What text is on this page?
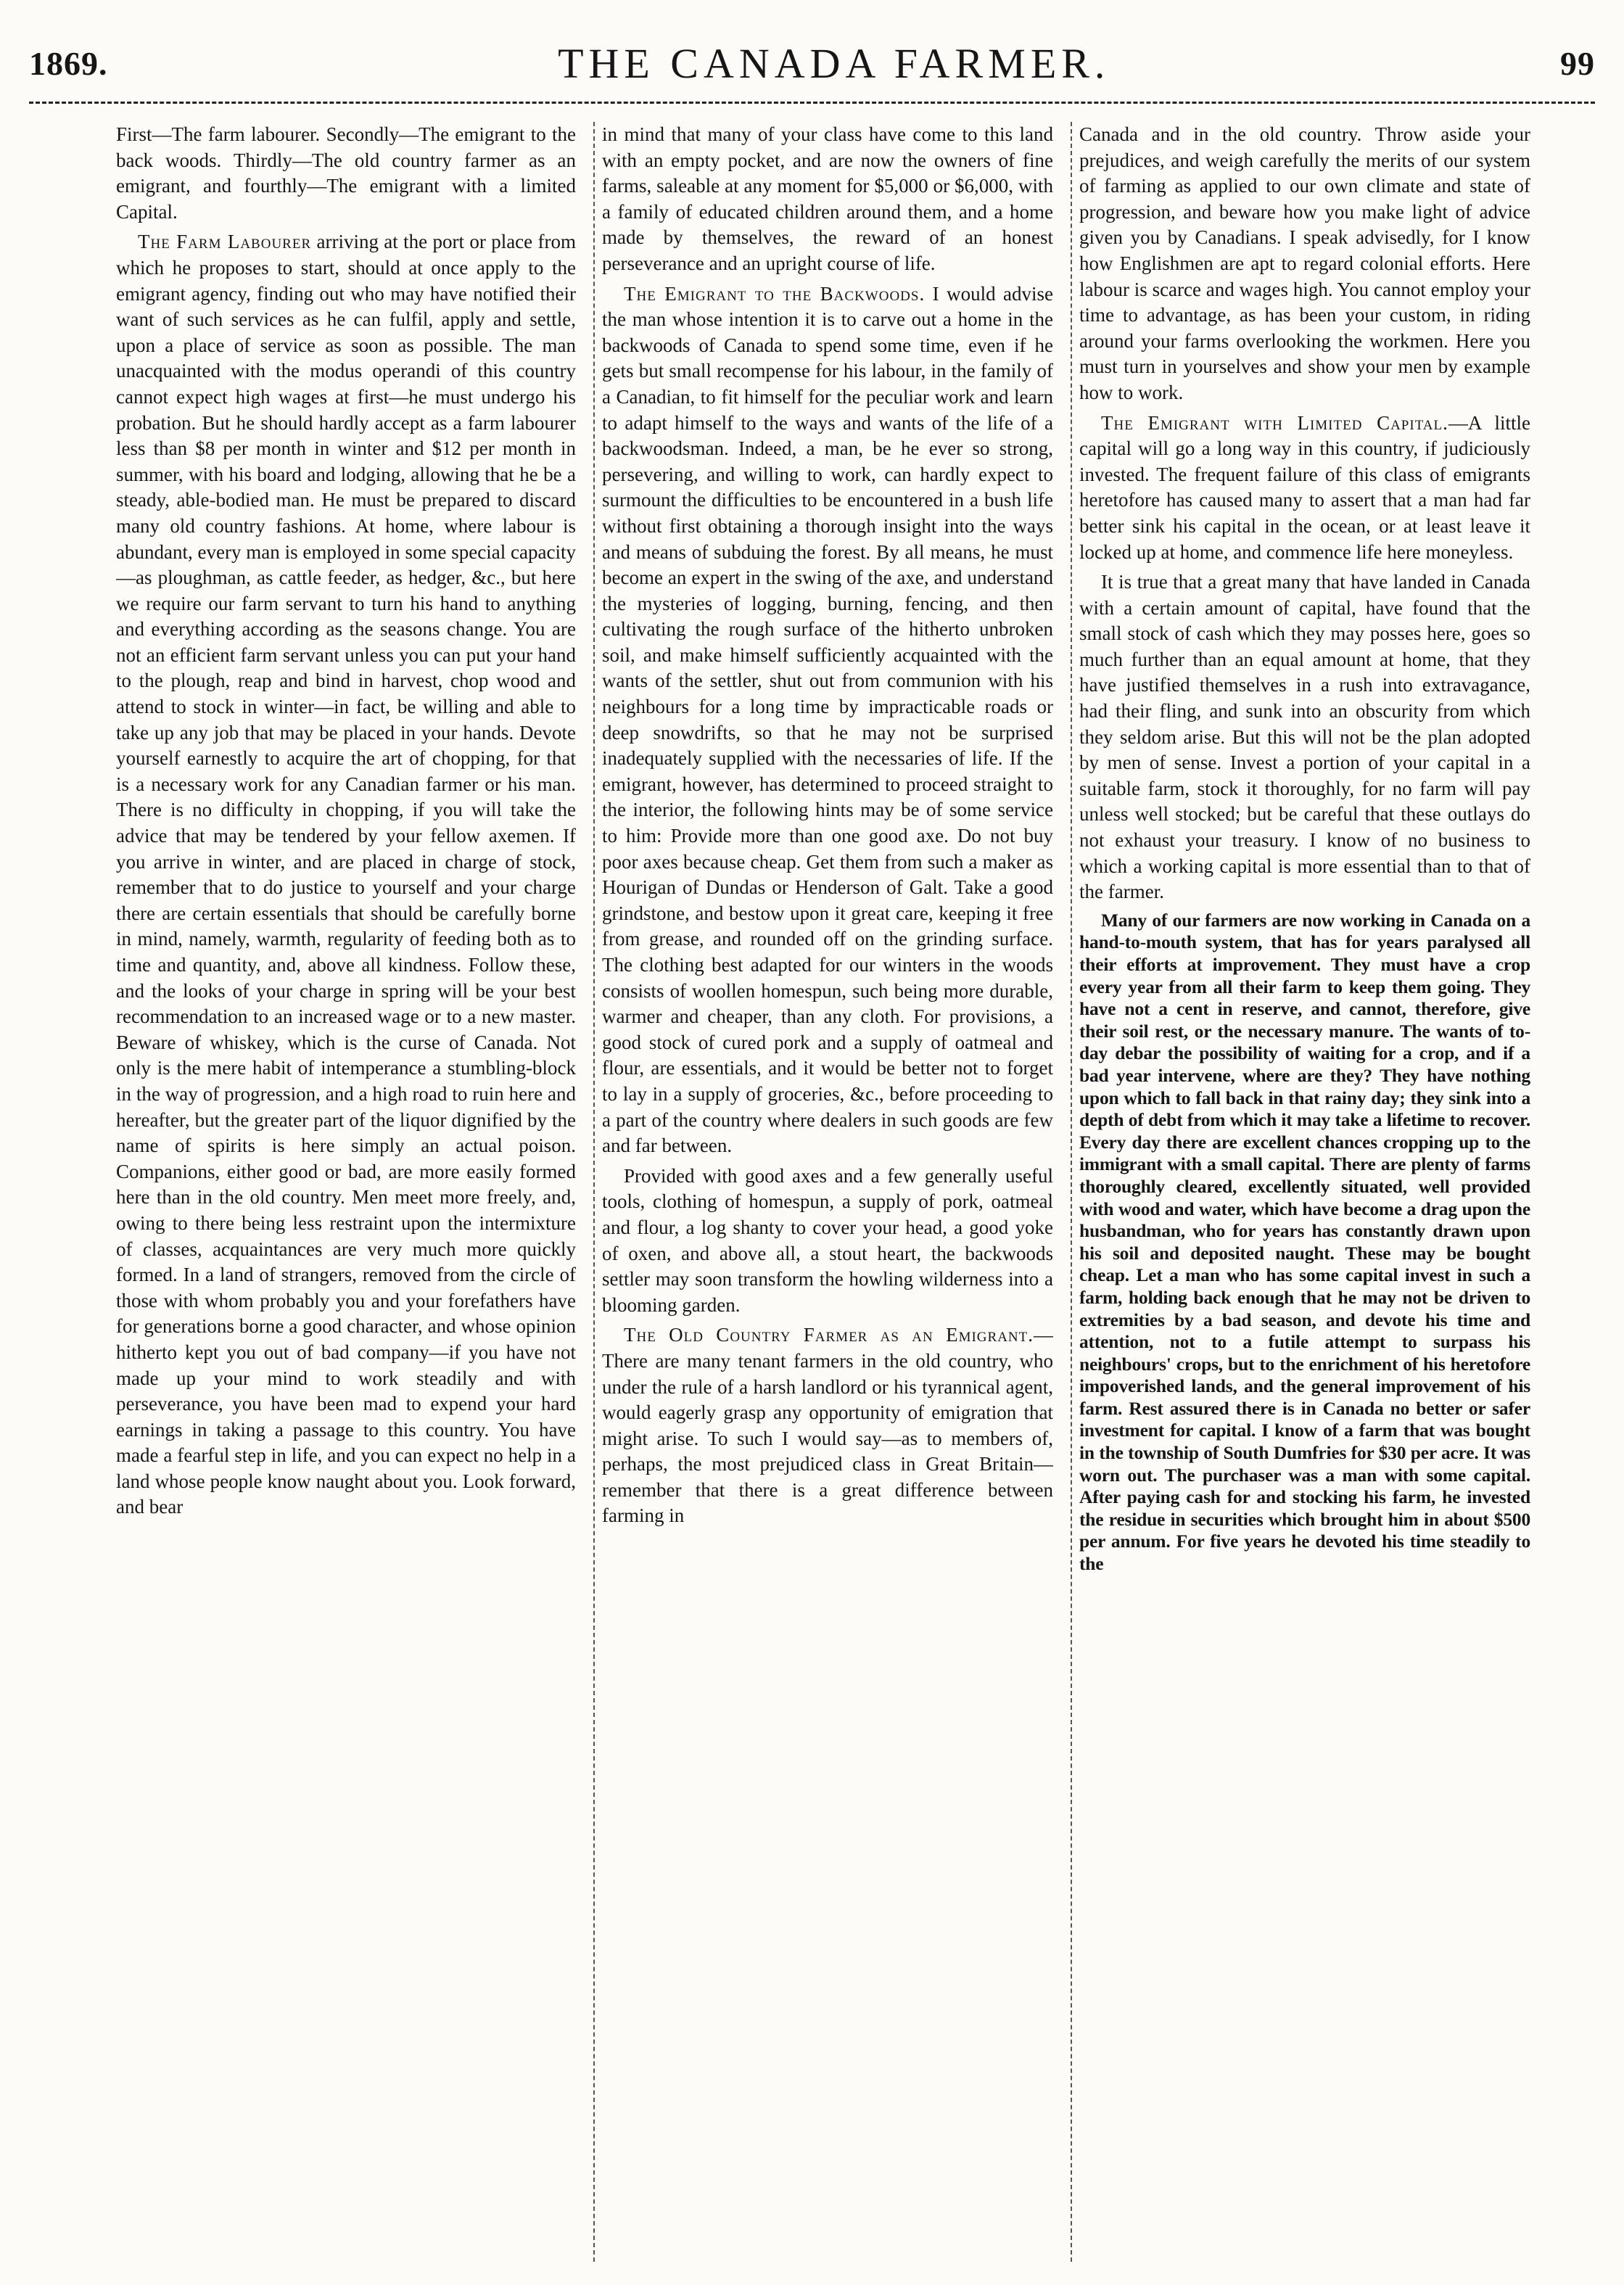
1869.	THE CANADA FARMER.	99

First—The farm labourer. Secondly—The emigrant to the back woods. Thirdly—The old country farmer as an emigrant, and fourthly—The emigrant with a limited Capital.

The Farm Labourer arriving at the port or place from which he proposes to start, should at once apply to the emigrant agency, finding out who may have notified their want of such services as he can fulfil, apply and settle, upon a place of service as soon as possible. The man unacquainted with the modus operandi of this country cannot expect high wages at first—he must undergo his probation. But he should hardly accept as a farm labourer less than $8 per month in winter and $12 per month in summer, with his board and lodging, allowing that he be a steady, able-bodied man. He must be prepared to discard many old country fashions. At home, where labour is abundant, every man is employed in some special capacity—as ploughman, as cattle feeder, as hedger, &c., but here we require our farm servant to turn his hand to anything and everything according as the seasons change. You are not an efficient farm servant unless you can put your hand to the plough, reap and bind in harvest, chop wood and attend to stock in winter—in fact, be willing and able to take up any job that may be placed in your hands. Devote yourself earnestly to acquire the art of chopping, for that is a necessary work for any Canadian farmer or his man. There is no difficulty in chopping, if you will take the advice that may be tendered by your fellow axemen. If you arrive in winter, and are placed in charge of stock, remember that to do justice to yourself and your charge there are certain essentials that should be carefully borne in mind, namely, warmth, regularity of feeding both as to time and quantity, and, above all kindness. Follow these, and the looks of your charge in spring will be your best recommendation to an increased wage or to a new master. Beware of whiskey, which is the curse of Canada. Not only is the mere habit of intemperance a stumbling-block in the way of progression, and a high road to ruin here and hereafter, but the greater part of the liquor dignified by the name of spirits is here simply an actual poison. Companions, either good or bad, are more easily formed here than in the old country. Men meet more freely, and, owing to there being less restraint upon the intermixture of classes, acquaintances are very much more quickly formed. In a land of strangers, removed from the circle of those with whom probably you and your forefathers have for generations borne a good character, and whose opinion hitherto kept you out of bad company—if you have not made up your mind to work steadily and with perseverance, you have been mad to expend your hard earnings in taking a passage to this country. You have made a fearful step in life, and you can expect no help in a land whose people know naught about you. Look forward, and bear

in mind that many of your class have come to this land with an empty pocket, and are now the owners of fine farms, saleable at any moment for $5,000 or $6,000, with a family of educated children around them, and a home made by themselves, the reward of an honest perseverance and an upright course of life.

The Emigrant to the Backwoods. I would advise the man whose intention it is to carve out a home in the backwoods of Canada to spend some time, even if he gets but small recompense for his labour, in the family of a Canadian, to fit himself for the peculiar work and learn to adapt himself to the ways and wants of the life of a backwoodsman. Indeed, a man, be he ever so strong, persevering, and willing to work, can hardly expect to surmount the difficulties to be encountered in a bush life without first obtaining a thorough insight into the ways and means of subduing the forest. By all means, he must become an expert in the swing of the axe, and understand the mysteries of logging, burning, fencing, and then cultivating the rough surface of the hitherto unbroken soil, and make himself sufficiently acquainted with the wants of the settler, shut out from communion with his neighbours for a long time by impracticable roads or deep snowdrifts, so that he may not be surprised inadequately supplied with the necessaries of life. If the emigrant, however, has determined to proceed straight to the interior, the following hints may be of some service to him: Provide more than one good axe. Do not buy poor axes because cheap. Get them from such a maker as Hourigan of Dundas or Henderson of Galt. Take a good grindstone, and bestow upon it great care, keeping it free from grease, and rounded off on the grinding surface. The clothing best adapted for our winters in the woods consists of woollen homespun, such being more durable, warmer and cheaper, than any cloth. For provisions, a good stock of cured pork and a supply of oatmeal and flour, are essentials, and it would be better not to forget to lay in a supply of groceries, &c., before proceeding to a part of the country where dealers in such goods are few and far between.

Provided with good axes and a few generally useful tools, clothing of homespun, a supply of pork, oatmeal and flour, a log shanty to cover your head, a good yoke of oxen, and above all, a stout heart, the backwoods settler may soon transform the howling wilderness into a blooming garden.

The Old Country Farmer as an Emigrant.—There are many tenant farmers in the old country, who under the rule of a harsh landlord or his tyrannical agent, would eagerly grasp any opportunity of emigration that might arise. To such I would say—as to members of, perhaps, the most prejudiced class in Great Britain—remember that there is a great difference between farming in

Canada and in the old country. Throw aside your prejudices, and weigh carefully the merits of our system of farming as applied to our own climate and state of progression, and beware how you make light of advice given you by Canadians. I speak advisedly, for I know how Englishmen are apt to regard colonial efforts. Here labour is scarce and wages high. You cannot employ your time to advantage, as has been your custom, in riding around your farms overlooking the workmen. Here you must turn in yourselves and show your men by example how to work.

The Emigrant with Limited Capital.—A little capital will go a long way in this country, if judiciously invested. The frequent failure of this class of emigrants heretofore has caused many to assert that a man had far better sink his capital in the ocean, or at least leave it locked up at home, and commence life here moneyless.

It is true that a great many that have landed in Canada with a certain amount of capital, have found that the small stock of cash which they may posses here, goes so much further than an equal amount at home, that they have justified themselves in a rush into extravagance, had their fling, and sunk into an obscurity from which they seldom arise. But this will not be the plan adopted by men of sense. Invest a portion of your capital in a suitable farm, stock it thoroughly, for no farm will pay unless well stocked; but be careful that these outlays do not exhaust your treasury. I know of no business to which a working capital is more essential than to that of the farmer.

Many of our farmers are now working in Canada on a hand-to-mouth system, that has for years paralysed all their efforts at improvement. They must have a crop every year from all their farm to keep them going. They have not a cent in reserve, and cannot, therefore, give their soil rest, or the necessary manure. The wants of to-day debar the possibility of waiting for a crop, and if a bad year intervene, where are they? They have nothing upon which to fall back in that rainy day; they sink into a depth of debt from which it may take a lifetime to recover. Every day there are excellent chances cropping up to the immigrant with a small capital. There are plenty of farms thoroughly cleared, excellently situated, well provided with wood and water, which have become a drag upon the husbandman, who for years has constantly drawn upon his soil and deposited naught. These may be bought cheap. Let a man who has some capital invest in such a farm, holding back enough that he may not be driven to extremities by a bad season, and devote his time and attention, not to a futile attempt to surpass his neighbours' crops, but to the enrichment of his heretofore impoverished lands, and the general improvement of his farm. Rest assured there is in Canada no better or safer investment for capital. I know of a farm that was bought in the township of South Dumfries for $30 per acre. It was worn out. The purchaser was a man with some capital. After paying cash for and stocking his farm, he invested the residue in securities which brought him in about $500 per annum. For five years he devoted his time steadily to the
